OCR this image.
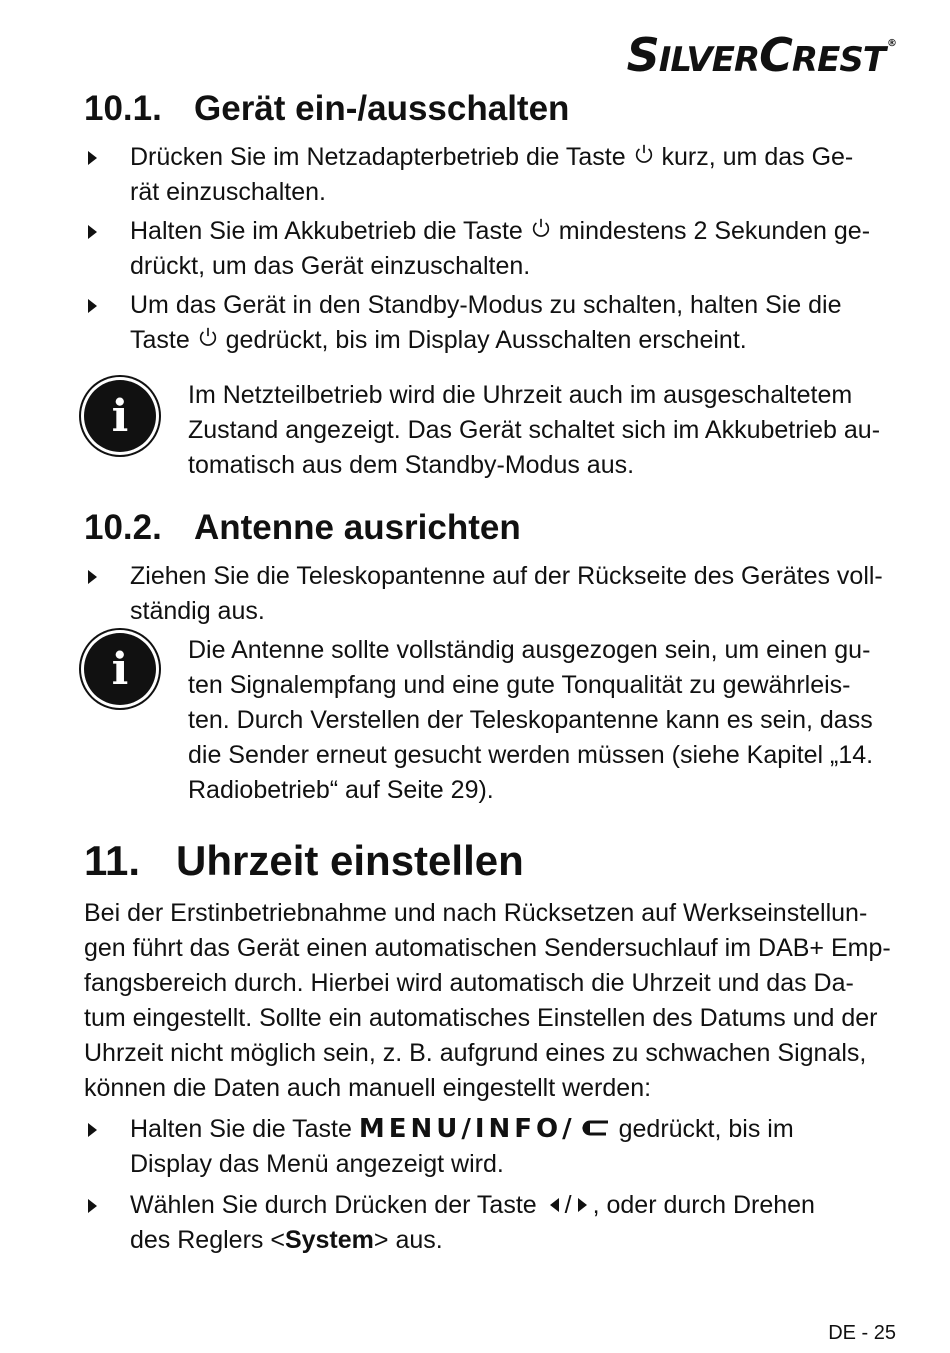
SILVERCREST ®
10.1. Gerät ein-/ausschalten
Drücken Sie im Netzadapterbetrieb die Taste  kurz, um das Ge-
rät einzuschalten.
Halten Sie im Akkubetrieb die Taste  mindestens 2 Sekunden ge-
drückt, um das Gerät einzuschalten.
Um das Gerät in den Standby-Modus zu schalten, halten Sie die
Taste  gedrückt, bis im Display Ausschalten erscheint.
i Im Netzteilbetrieb wird die Uhrzeit auch im ausgeschaltetem
Zustand angezeigt. Das Gerät schaltet sich im Akkubetrieb au-
tomatisch aus dem Standby-Modus aus.
10.2. Antenne ausrichten
Ziehen Sie die Teleskopantenne auf der Rückseite des Gerätes voll-
ständig aus.
i Die Antenne sollte vollständig ausgezogen sein, um einen gu-
ten Signalempfang und eine gute Tonqualität zu gewährleis-
ten. Durch Verstellen der Teleskopantenne kann es sein, dass
die Sender erneut gesucht werden müssen (siehe Kapitel „14.
Radiobetrieb“ auf Seite 29).
11. Uhrzeit einstellen
Bei der Erstinbetriebnahme und nach Rücksetzen auf Werkseinstellun-
gen führt das Gerät einen automatischen Sendersuchlauf im DAB+ Emp-
fangsbereich durch. Hierbei wird automatisch die Uhrzeit und das Da-
tum eingestellt. Sollte ein automatisches Einstellen des Datums und der
Uhrzeit nicht möglich sein, z. B. aufgrund eines zu schwachen Signals,
können die Daten auch manuell eingestellt werden:
Halten Sie die Taste MENU/INFO/ gedrückt, bis im
Display das Menü angezeigt wird.
Wählen Sie durch Drücken der Taste / , oder durch Drehen
des Reglers <System> aus.
DE - 25
